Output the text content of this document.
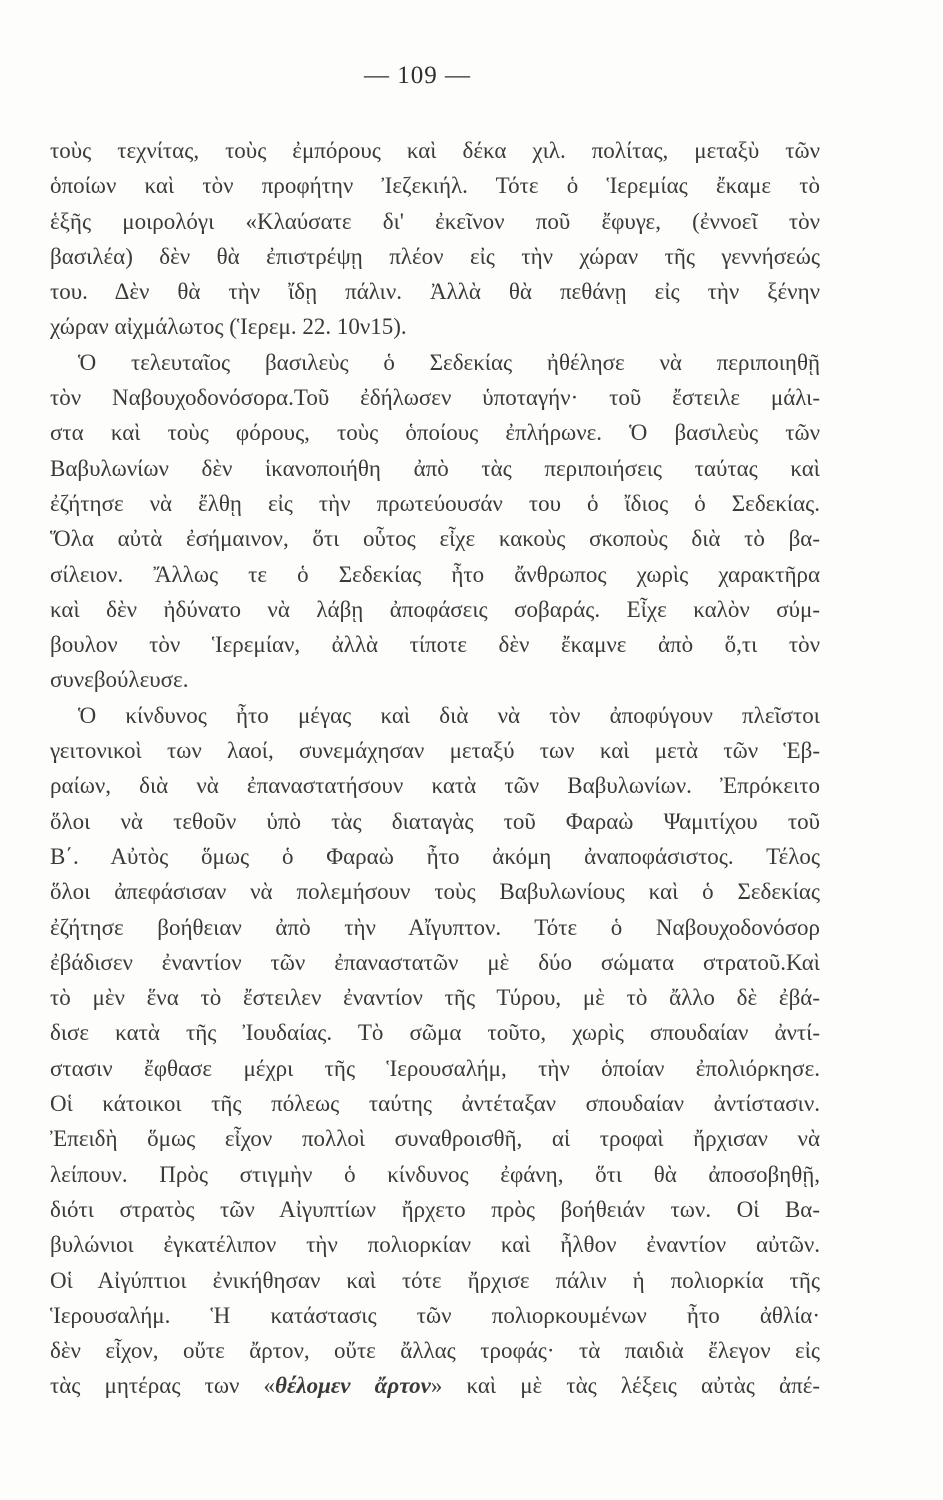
— 109 —
τοὺς τεχνίτας, τοὺς ἐμπόρους καὶ δέκα χιλ. πολίτας, μεταξὺ τῶν
ὁποίων καὶ τὸν προφήτην Ἰεζεκιήλ. Τότε ὁ Ἱερεμίας ἔκαμε τὸ
ἑξῆς μοιρολόγι «Κλαύσατε δι' ἐκεῖνον ποῦ ἔφυγε, (ἐννοεῖ τὸν
βασιλέα) δὲν θὰ ἐπιστρέψῃ πλέον εἰς τὴν χώραν τῆς γεννήσεώς
του. Δὲν θὰ τὴν ἴδῃ πάλιν. Ἀλλὰ θὰ πεθάνῃ εἰς τὴν ξένην
χώραν αἰχμάλωτος (Ἱερεμ. 22. 10ν15).
Ὁ τελευταῖος βασιλεὺς ὁ Σεδεκίας ἠθέλησε νὰ περιποιηθῇ
τὸν Ναβουχοδονόσορα.Τοῦ ἐδήλωσεν ὑποταγήν· τοῦ ἔστειλε μάλι-
στα καὶ τοὺς φόρους, τοὺς ὁποίους ἐπλήρωνε. Ὁ βασιλεὺς τῶν
Βαβυλωνίων δὲν ἱκανοποιήθη ἀπὸ τὰς περιποιήσεις ταύτας καὶ
ἐζήτησε νὰ ἔλθῃ εἰς τὴν πρωτεύουσάν του ὁ ἴδιος ὁ Σεδεκίας.
Ὅλα αὐτὰ ἐσήμαινον, ὅτι οὗτος εἶχε κακοὺς σκοποὺς διὰ τὸ βα-
σίλειον. Ἄλλως τε ὁ Σεδεκίας ἦτο ἄνθρωπος χωρὶς χαρακτῆρα
καὶ δὲν ἠδύνατο νὰ λάβῃ ἀποφάσεις σοβαράς. Εἶχε καλὸν σύμ-
βουλον τὸν Ἱερεμίαν, ἀλλὰ τίποτε δὲν ἔκαμνε ἀπὸ ὅ,τι τὸν
συνεβούλευσε.
Ὁ κίνδυνος ἦτο μέγας καὶ διὰ νὰ τὸν ἀποφύγουν πλεῖστοι
γειτονικοὶ των λαοί, συνεμάχησαν μεταξύ των καὶ μετὰ τῶν Ἑβ-
ραίων, διὰ νὰ ἐπαναστατήσουν κατὰ τῶν Βαβυλωνίων. Ἐπρόκειτο
ὅλοι νὰ τεθοῦν ὑπὸ τὰς διαταγὰς τοῦ Φαραὼ Ψαμιτίχου τοῦ
Β΄. Αὐτὸς ὅμως ὁ Φαραὼ ἦτο ἀκόμη ἀναποφάσιστος. Τέλος
ὅλοι ἀπεφάσισαν νὰ πολεμήσουν τοὺς Βαβυλωνίους καὶ ὁ Σεδεκίας
ἐζήτησε βοήθειαν ἀπὸ τὴν Αἴγυπτον. Τότε ὁ Ναβουχοδονόσορ
ἐβάδισεν ἐναντίον τῶν ἐπαναστατῶν μὲ δύο σώματα στρατοῦ.Καὶ
τὸ μὲν ἕνα τὸ ἔστειλεν ἐναντίον τῆς Τύρου, μὲ τὸ ἄλλο δὲ ἐβά-
δισε κατὰ τῆς Ἰουδαίας. Τὸ σῶμα τοῦτο, χωρὶς σπουδαίαν ἀντί-
στασιν ἔφθασε μέχρι τῆς Ἱερουσαλήμ, τὴν ὁποίαν ἐπολιόρκησε.
Οἱ κάτοικοι τῆς πόλεως ταύτης ἀντέταξαν σπουδαίαν ἀντίστασιν.
Ἐπειδὴ ὅμως εἶχον πολλοὶ συναθροισθῆ, αἱ τροφαὶ ἤρχισαν νὰ
λείπουν. Πρὸς στιγμὴν ὁ κίνδυνος ἐφάνη, ὅτι θὰ ἀποσοβηθῇ,
διότι στρατὸς τῶν Αἰγυπτίων ἤρχετο πρὸς βοήθειάν των. Οἱ Βα-
βυλώνιοι ἐγκατέλιπον τὴν πολιορκίαν καὶ ἦλθον ἐναντίον αὐτῶν.
Οἱ Αἰγύπτιοι ἐνικήθησαν καὶ τότε ἤρχισε πάλιν ἡ πολιορκία τῆς
Ἱερουσαλήμ. Ἡ κατάστασις τῶν πολιορκουμένων ἦτο ἀθλία·
δὲν εἶχον, οὔτε ἄρτον, οὔτε ἄλλας τροφάς· τὰ παιδιὰ ἔλεγον εἰς
τὰς μητέρας των «θέλομεν ἄρτον» καὶ μὲ τὰς λέξεις αὐτὰς ἀπέ-
